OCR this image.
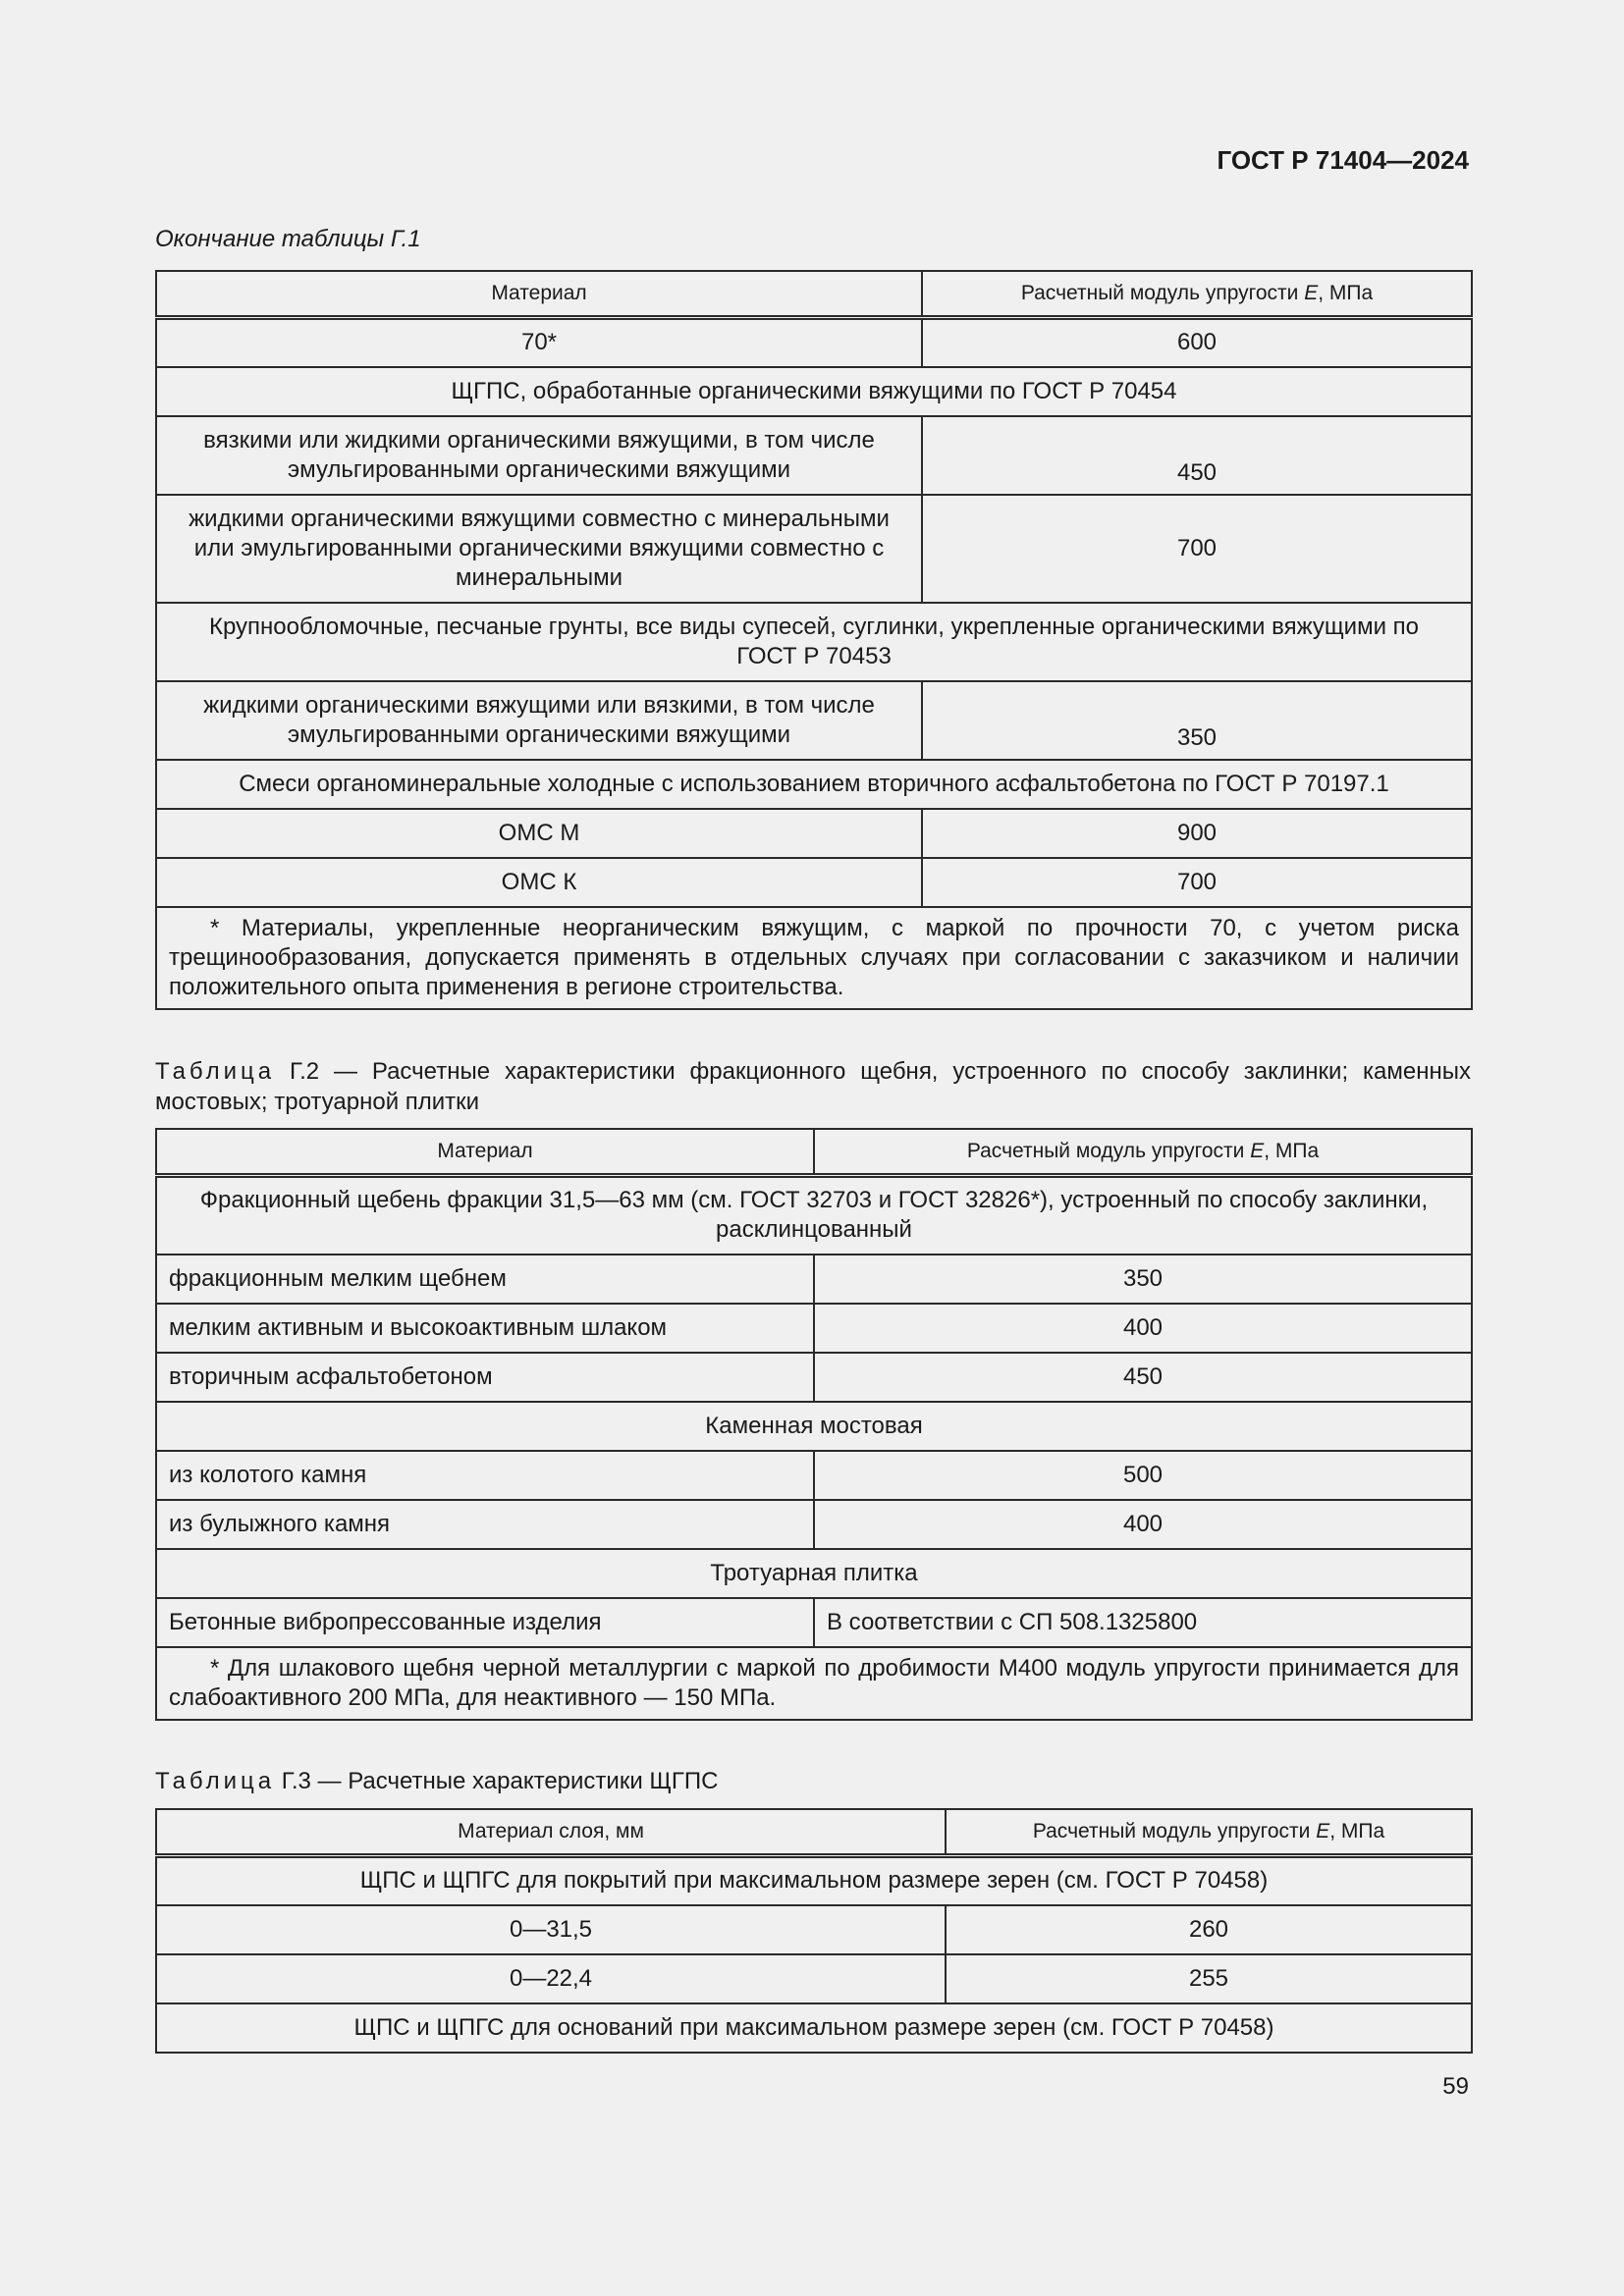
ГОСТ Р 71404—2024
Окончание таблицы Г.1
Материал	Расчетный модуль упругости E, МПа
70*	600
ЩГПС, обработанные органическими вяжущими по ГОСТ Р 70454	
вязкими или жидкими органическими вяжущими, в том числе эмульгированными органическими вяжущими	450
жидкими органическими вяжущими совместно с минеральными или эмульгированными органическими вяжущими совместно с минеральными	700
Крупнообломочные, песчаные грунты, все виды супесей, суглинки, укрепленные органическими вяжущими по ГОСТ Р 70453	
жидкими органическими вяжущими или вязкими, в том числе эмульгированными органическими вяжущими	350
Смеси органоминеральные холодные с использованием вторичного асфальтобетона по ГОСТ Р 70197.1	
ОМС М	900
ОМС К	700
* Материалы, укрепленные неорганическим вяжущим, с маркой по прочности 70, с учетом риска трещинообразования, допускается применять в отдельных случаях при согласовании с заказчиком и наличии положительного опыта применения в регионе строительства.	
Таблица Г.2 — Расчетные характеристики фракционного щебня, устроенного по способу заклинки; каменных мостовых; тротуарной плитки
Материал	Расчетный модуль упругости E, МПа
Фракционный щебень фракции 31,5—63 мм (см. ГОСТ 32703 и ГОСТ 32826*), устроенный по способу заклинки, расклинцованный	
фракционным мелким щебнем	350
мелким активным и высокоактивным шлаком	400
вторичным асфальтобетоном	450
Каменная мостовая	
из колотого камня	500
из булыжного камня	400
Тротуарная плитка	
Бетонные вибропрессованные изделия	В соответствии с СП 508.1325800
* Для шлакового щебня черной металлургии с маркой по дробимости М400 модуль упругости принимается для слабоактивного 200 МПа, для неактивного — 150 МПа.	
Таблица Г.3 — Расчетные характеристики ЩГПС
Материал слоя, мм	Расчетный модуль упругости E, МПа
ЩПС и ЩПГС для покрытий при максимальном размере зерен (см. ГОСТ Р 70458)	
0—31,5	260
0—22,4	255
ЩПС и ЩПГС для оснований при максимальном размере зерен (см. ГОСТ Р 70458)	
59
